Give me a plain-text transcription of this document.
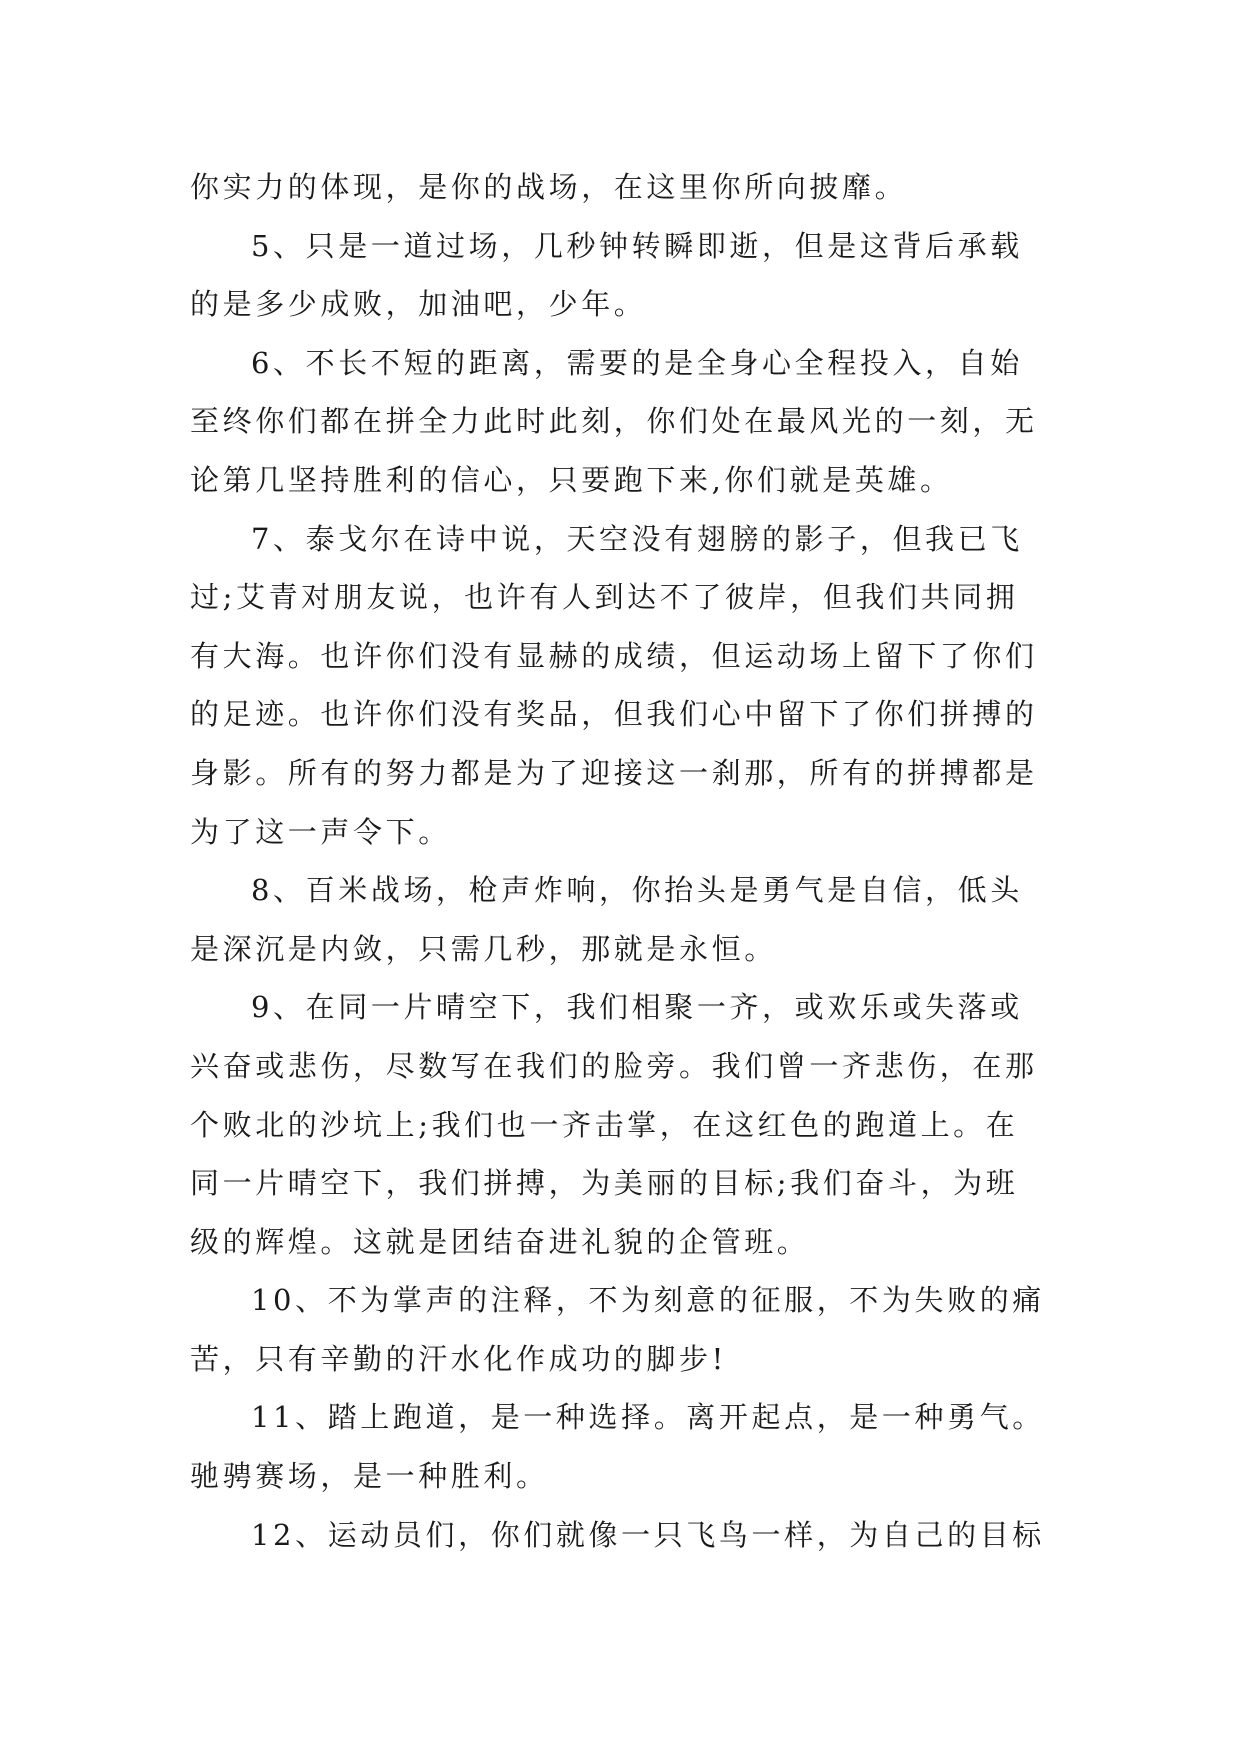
你实力的体现，是你的战场，在这里你所向披靡。
5、只是一道过场，几秒钟转瞬即逝，但是这背后承载
的是多少成败，加油吧，少年。
6、不长不短的距离，需要的是全身心全程投入，自始
至终你们都在拼全力此时此刻，你们处在最风光的一刻，无
论第几坚持胜利的信心，只要跑下来,你们就是英雄。
7、泰戈尔在诗中说，天空没有翅膀的影子，但我已飞
过;艾青对朋友说，也许有人到达不了彼岸，但我们共同拥
有大海。也许你们没有显赫的成绩，但运动场上留下了你们
的足迹。也许你们没有奖品，但我们心中留下了你们拼搏的
身影。所有的努力都是为了迎接这一刹那，所有的拼搏都是
为了这一声令下。
8、百米战场，枪声炸响，你抬头是勇气是自信，低头
是深沉是内敛，只需几秒，那就是永恒。
9、在同一片晴空下，我们相聚一齐，或欢乐或失落或
兴奋或悲伤，尽数写在我们的脸旁。我们曾一齐悲伤，在那
个败北的沙坑上;我们也一齐击掌，在这红色的跑道上。在
同一片晴空下，我们拼搏，为美丽的目标;我们奋斗，为班
级的辉煌。这就是团结奋进礼貌的企管班。
10、不为掌声的注释，不为刻意的征服，不为失败的痛
苦，只有辛勤的汗水化作成功的脚步!
11、踏上跑道，是一种选择。离开起点，是一种勇气。
驰骋赛场，是一种胜利。
12、运动员们，你们就像一只飞鸟一样，为自己的目标
